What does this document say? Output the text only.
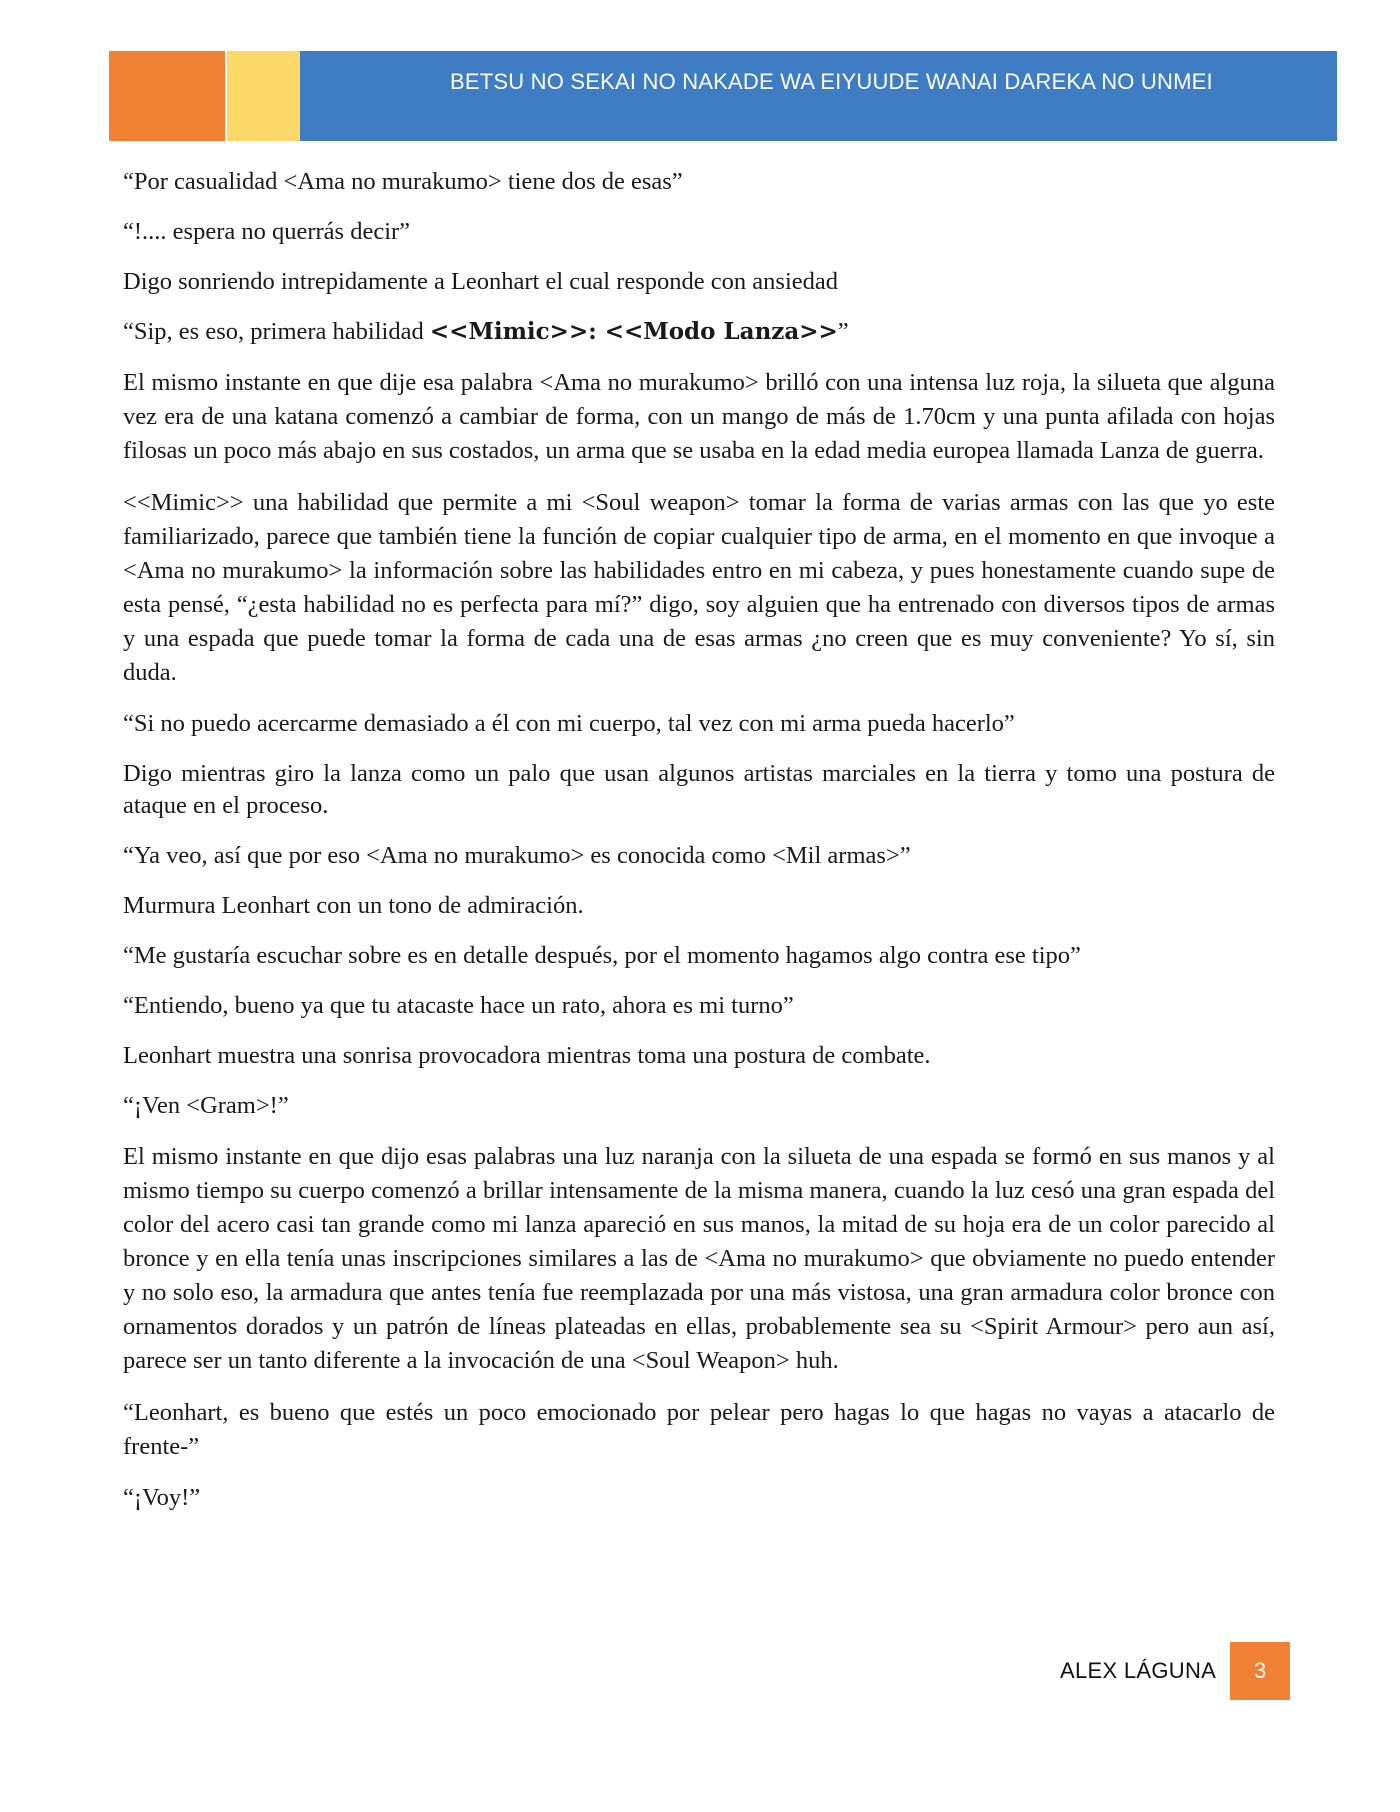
BETSU NO SEKAI NO NAKADE WA EIYUUDE WANAI DAREKA NO UNMEI

“Por casualidad <Ama no murakumo> tiene dos de esas”

“!.... espera no querrás decir”

Digo sonriendo intrepidamente a Leonhart el cual responde con ansiedad

“Sip, es eso, primera habilidad <<Mimic>>: <<Modo Lanza>>”

El mismo instante en que dije esa palabra <Ama no murakumo> brilló con una intensa luz roja, la silueta que alguna vez era de una katana comenzó a cambiar de forma, con un mango de más de 1.70cm y una punta afilada con hojas filosas un poco más abajo en sus costados, un arma que se usaba en la edad media europea llamada Lanza de guerra.

<<Mimic>> una habilidad que permite a mi <Soul weapon> tomar la forma de varias armas con las que yo este familiarizado, parece que también tiene la función de copiar cualquier tipo de arma, en el momento en que invoque a <Ama no murakumo> la información sobre las habilidades entro en mi cabeza, y pues honestamente cuando supe de esta pensé, “¿esta habilidad no es perfecta para mí?” digo, soy alguien que ha entrenado con diversos tipos de armas y una espada que puede tomar la forma de cada una de esas armas ¿no creen que es muy conveniente? Yo sí, sin duda.

“Si no puedo acercarme demasiado a él con mi cuerpo, tal vez con mi arma pueda hacerlo”

Digo mientras giro la lanza como un palo que usan algunos artistas marciales en la tierra y tomo una postura de ataque en el proceso.

“Ya veo, así que por eso <Ama no murakumo> es conocida como <Mil armas>”

Murmura Leonhart con un tono de admiración.

“Me gustaría escuchar sobre es en detalle después, por el momento hagamos algo contra ese tipo”

“Entiendo, bueno ya que tu atacaste hace un rato, ahora es mi turno”

Leonhart muestra una sonrisa provocadora mientras toma una postura de combate.

“¡Ven <Gram>!”

El mismo instante en que dijo esas palabras una luz naranja con la silueta de una espada se formó en sus manos y al mismo tiempo su cuerpo comenzó a brillar intensamente de la misma manera, cuando la luz cesó una gran espada del color del acero casi tan grande como mi lanza apareció en sus manos, la mitad de su hoja era de un color parecido al bronce y en ella tenía unas inscripciones similares a las de <Ama no murakumo> que obviamente no puedo entender y no solo eso, la armadura que antes tenía fue reemplazada por una más vistosa, una gran armadura color bronce con ornamentos dorados y un patrón de líneas plateadas en ellas, probablemente sea su <Spirit Armour> pero aun así, parece ser un tanto diferente a la invocación de una <Soul Weapon> huh.

“Leonhart, es bueno que estés un poco emocionado por pelear pero hagas lo que hagas no vayas a atacarlo de frente-”

“¡Voy!”

ALEX LÁGUNA	3
